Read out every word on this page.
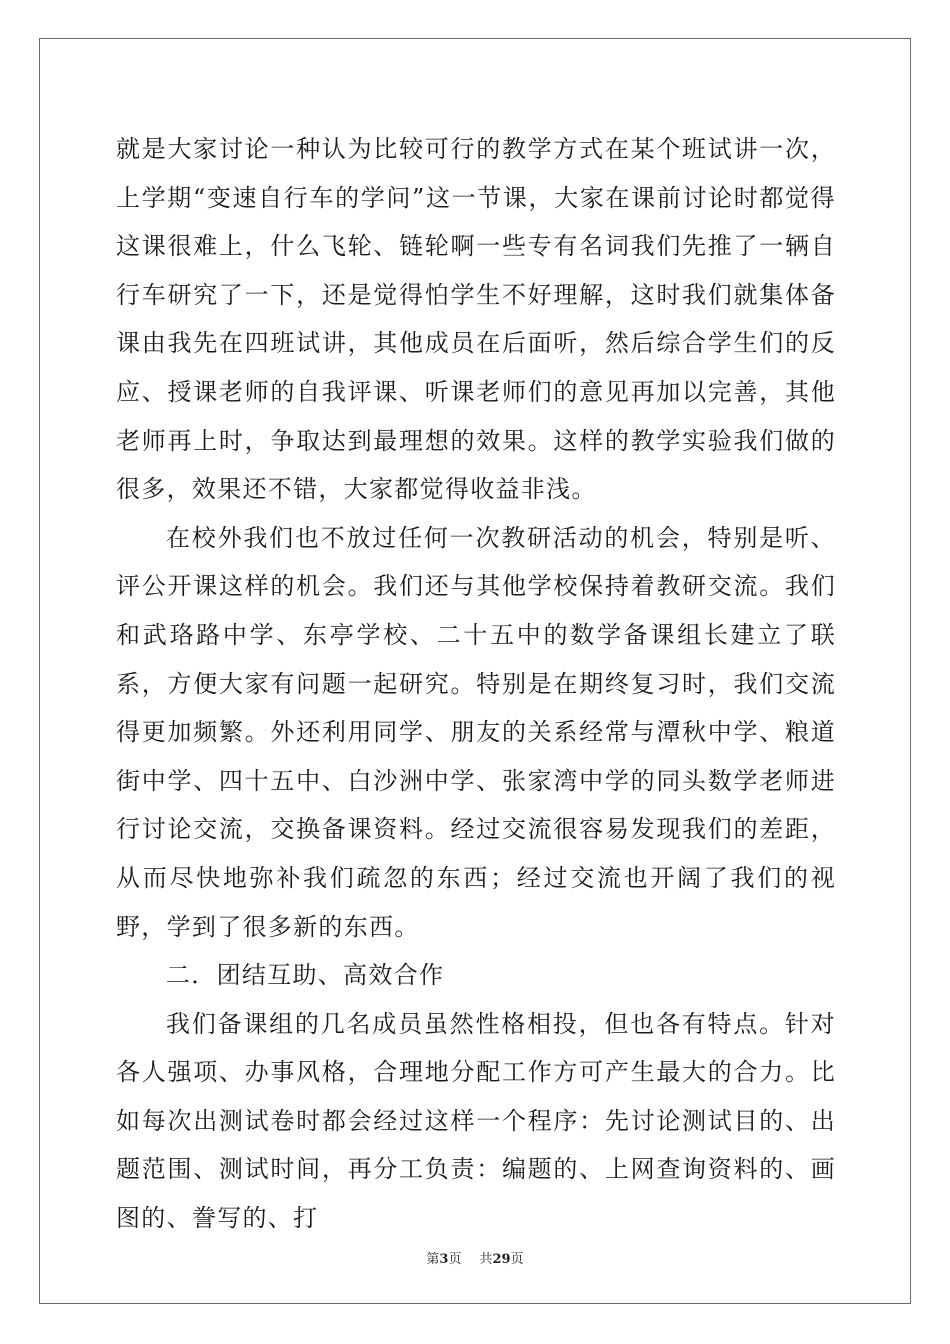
就是大家讨论一种认为比较可行的教学方式在某个班试讲一次，上学期“变速自行车的学问”这一节课，大家在课前讨论时都觉得这课很难上，什么飞轮、链轮啊一些专有名词我们先推了一辆自行车研究了一下，还是觉得怕学生不好理解，这时我们就集体备课由我先在四班试讲，其他成员在后面听，然后综合学生们的反应、授课老师的自我评课、听课老师们的意见再加以完善，其他老师再上时，争取达到最理想的效果。这样的教学实验我们做的很多，效果还不错，大家都觉得收益非浅。

在校外我们也不放过任何一次教研活动的机会，特别是听、评公开课这样的机会。我们还与其他学校保持着教研交流。我们和武珞路中学、东亭学校、二十五中的数学备课组长建立了联系，方便大家有问题一起研究。特别是在期终复习时，我们交流得更加频繁。外还利用同学、朋友的关系经常与潭秋中学、粮道街中学、四十五中、白沙洲中学、张家湾中学的同头数学老师进行讨论交流，交换备课资料。经过交流很容易发现我们的差距，从而尽快地弥补我们疏忽的东西；经过交流也开阔了我们的视野，学到了很多新的东西。

二．团结互助、高效合作

我们备课组的几名成员虽然性格相投，但也各有特点。针对各人强项、办事风格，合理地分配工作方可产生最大的合力。比如每次出测试卷时都会经过这样一个程序：先讨论测试目的、出题范围、测试时间，再分工负责：编题的、上网查询资料的、画图的、誊写的、打

第3页 共29页
